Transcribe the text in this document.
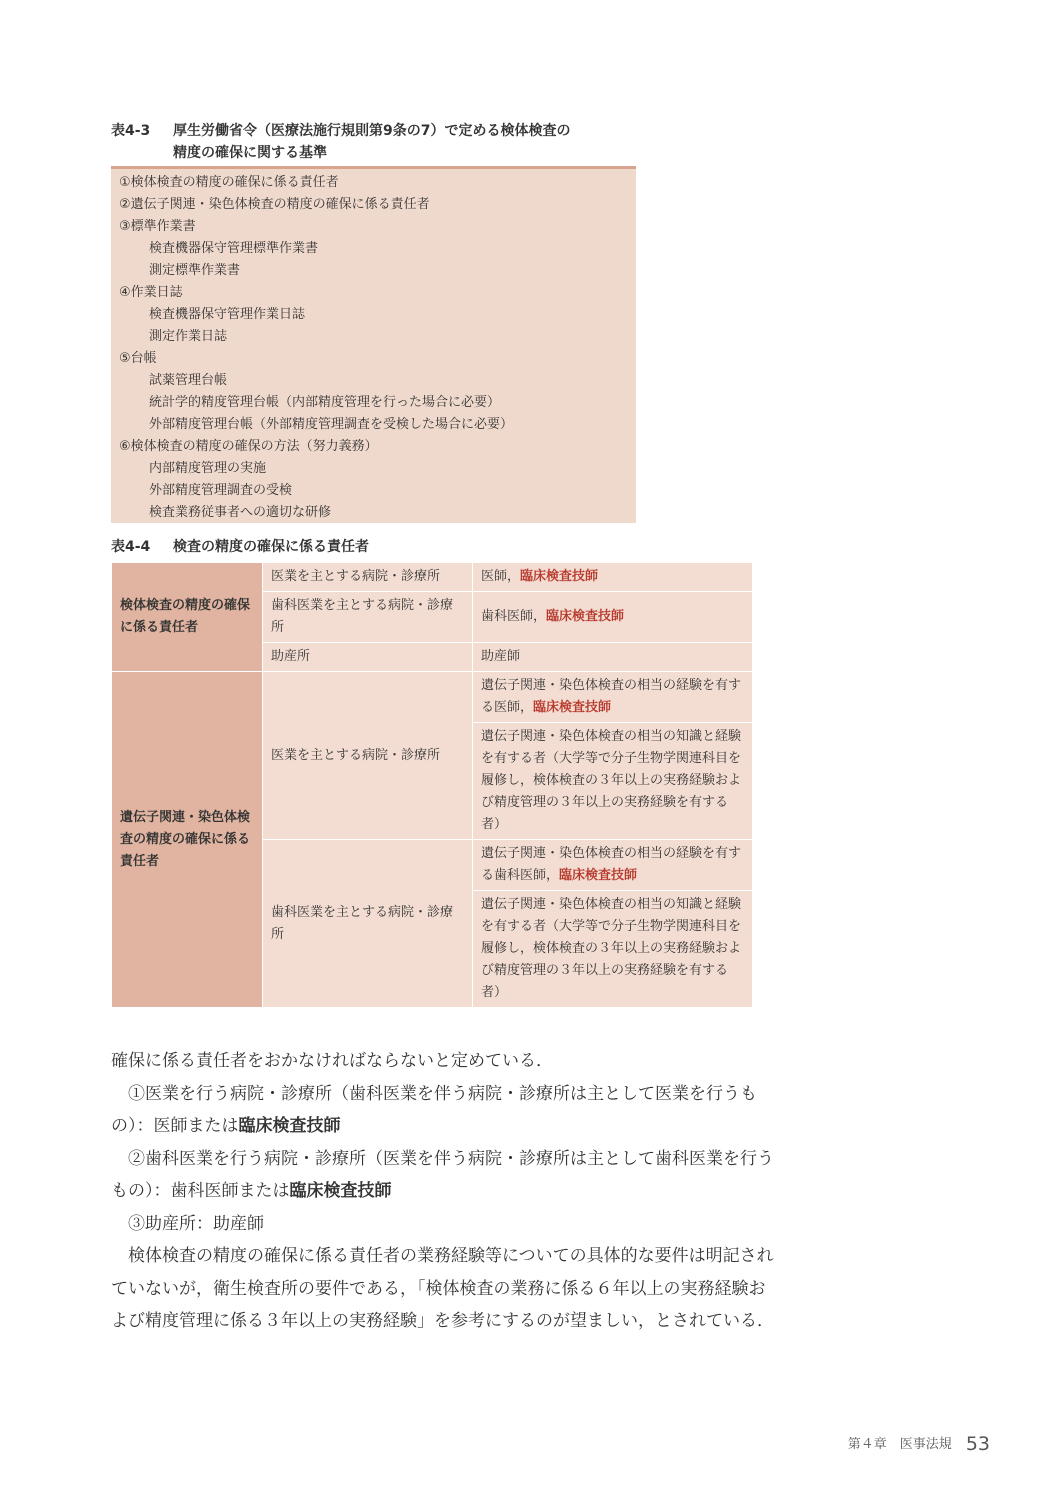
表4-3 厚生労働省令（医療法施行規則第9条の7）で定める検体検査の
精度の確保に関する基準
①検体検査の精度の確保に係る責任者
②遺伝子関連・染色体検査の精度の確保に係る責任者
③標準作業書
検査機器保守管理標準作業書
測定標準作業書
④作業日誌
検査機器保守管理作業日誌
測定作業日誌
⑤台帳
試薬管理台帳
統計学的精度管理台帳（内部精度管理を行った場合に必要）
外部精度管理台帳（外部精度管理調査を受検した場合に必要）
⑥検体検査の精度の確保の方法（努力義務）
内部精度管理の実施
外部精度管理調査の受検
検査業務従事者への適切な研修
表4-4 検査の精度の確保に係る責任者
検体検査の精度の確保に係る責任者	医業を主とする病院・診療所	医師，臨床検査技師
	歯科医業を主とする病院・診療所	歯科医師，臨床検査技師
	助産所	助産師
遺伝子関連・染色体検査の精度の確保に係る責任者	医業を主とする病院・診療所	遺伝子関連・染色体検査の相当の経験を有する医師，臨床検査技師
		遺伝子関連・染色体検査の相当の知識と経験を有する者（大学等で分子生物学関連科目を履修し，検体検査の３年以上の実務経験および精度管理の３年以上の実務経験を有する者）
	歯科医業を主とする病院・診療所	遺伝子関連・染色体検査の相当の経験を有する歯科医師，臨床検査技師
		遺伝子関連・染色体検査の相当の知識と経験を有する者（大学等で分子生物学関連科目を履修し，検体検査の３年以上の実務経験および精度管理の３年以上の実務経験を有する者）

確保に係る責任者をおかなければならないと定めている．

①医業を行う病院・診療所（歯科医業を伴う病院・診療所は主として医業を行うもの）：医師または臨床検査技師

②歯科医業を行う病院・診療所（医業を伴う病院・診療所は主として歯科医業を行うもの）：歯科医師または臨床検査技師

③助産所：助産師

検体検査の精度の確保に係る責任者の業務経験等についての具体的な要件は明記されていないが，衛生検査所の要件である，「検体検査の業務に係る６年以上の実務経験および精度管理に係る３年以上の実務経験」を参考にするのが望ましい，とされている．

第４章　医事法規 53
